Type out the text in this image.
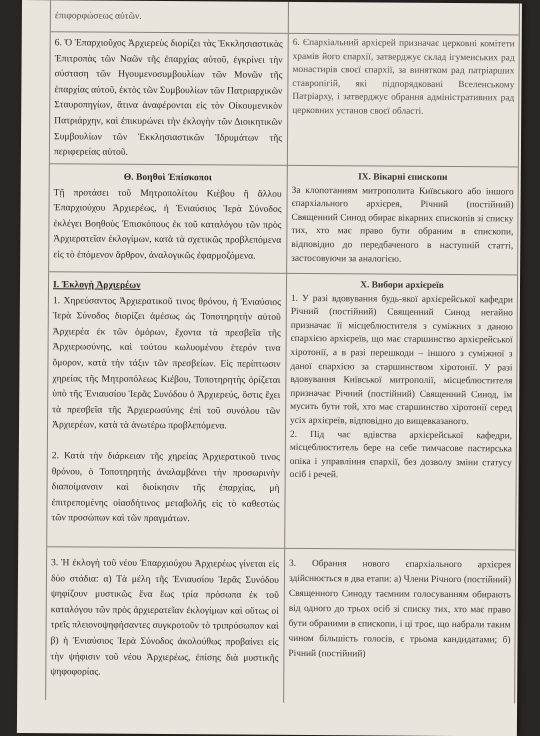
ἐπιφορφώσεως αὐτῶν.
6. Ὁ Ἐπαρχιοῦχος Ἀρχιερεὺς διορίζει τὰς Ἐκκλησιαστικὰς Ἐπιτροπὰς τῶν Ναῶν τῆς ἐπαρχίας αὐτοῦ, ἐγκρίνει τὴν σύσταση τῶν Ηγουμενοσυμβουλίων τῶν Μονῶν τῆς ἐπαρχίας αὐτοῦ, ἐκτὸς τῶν Συμβουλίων τῶν Πατριαρχικῶν Σταυροπηγίων, ἅτινα ἀναφέρονται εἰς τὸν Οἰκουμενικὸν Πατριάρχην, καὶ ἐπικυρώνει τὴν ἐκλογὴν τῶν Διοικητικῶν Συμβουλίων τῶν Ἐκκλησιαστικῶν Ἱδρυμάτων τῆς περιφερείας αὐτοῦ.
6. Єпархіальний архієрей призначає церковні комітети храмів його єпархії, затверджує склад ігуменських рад монастирів своєї єпархії, за винятком рад патріарших ставропігій, які підпорядковані Вселенському Патріарху, і затверджує обрання адміністративних рад церковних установ своєї області.
Θ. Βοηθοὶ Ἐπίσκοποι
Τῇ προτάσει τοῦ Μητροπολίτου Κιέβου ἢ ἄλλου Ἐπαρχιούχου Ἀρχιερέως, ἡ Ἐνιαύσιος Ἱερὰ Σύνοδος ἐκλέγει Βοηθοὺς Ἐπισκόπους ἐκ τοῦ καταλόγου τῶν πρὸς Ἀρχιερατεῖαν ἐκλογίμων, κατὰ τὰ σχετικῶς προβλεπόμενα εἰς τὸ ἑπόμενον ἄρθρον, ἀναλογικῶς ἐφαρμοζόμενα.
IX. Вікарні єпископи
За клопотанням митрополита Київського або іншого єпархіального архієрея, Річний (постійний) Священний Синод обирає вікарних єпископів зі списку тих, хто має право бути обраним в єпископи, відповідно до передбаченого в наступній статті, застосовуючи за аналогією.
Ι. Ἐκλογὴ Ἀρχιερέων
1. Χηρεύσαντος Ἀρχιερατικοῦ τινος θρόνου, ἡ Ἐνιαύσιος Ἱερὰ Σύνοδος διορίζει ἀμέσως ὡς Τοποτηρητὴν αὐτοῦ Ἀρχιερέα ἐκ τῶν ὁμόρων, ἔχοντα τὰ πρεσβεῖα τῆς Ἀρχιερωσύνης, καὶ τούτου κωλυομένου ἑτερόν τινα ὅμορον, κατὰ τὴν τάξιν τῶν πρεσβείων. Εἰς περίπτωσιν χηρείας τῆς Μητροπόλεως Κιέβου, Τοποτηρητὴς ὁρίζεται ὑπὸ τῆς Ἐνιαυσίου Ἱερᾶς Συνόδου ὁ Ἀρχιερεύς, ὅστις ἔχει τὰ πρεσβεῖα τῆς Ἀρχιερωσύνης ἐπὶ τοῦ συνόλου τῶν Ἀρχιερέων, κατὰ τὰ ἀνωτέρω προβλεπόμενα.
2. Κατὰ τὴν διάρκειαν τῆς χηρείας Ἀρχιερατικοῦ τινος θρόνου, ὁ Τοποτηρητὴς ἀναλαμβάνει τὴν προσωρινὴν διαποίμανσιν καὶ διοίκησιν τῆς ἐπαρχίας, μὴ ἐπιτρεπομένης οἱασδήτινος μεταβολῆς εἰς τὸ καθεστὼς τῶν προσώπων καὶ τῶν πραγμάτων.
X. Вибори архієреїв
1. У разі вдовування будь-якої архієрейської кафедри Річний (постійний) Священний Синод негайно призначає її місцеблюстителя з суміжних з даною єпархією архієреїв, що має старшинство архієрейської хіротонії, а в разі перешкоди – іншого з суміжної з даної єпархією за старшинством хіротонії. У разі вдовування Київської митрополії, місцеблюстителя призначає Річний (постійний) Священний Синод, їм мусить бути той, хто має старшинство хіротонії серед усіх архієреїв, відповідно до вищевказаного.
2. Під час вдівства архієрейської кафедри, місцеблюститель бере на себе тимчасове пастирська опіка і управління єпархії, без дозволу зміни статусу осіб і речей.
3. Ἡ ἐκλογὴ τοῦ νέου Ἐπαρχιούχου Ἀρχιερέως γίνεται εἰς δύο στάδια: α) Τὰ μέλη τῆς Ἐνιαυσίου Ἱερᾶς Συνόδου ψηφίζουν μυστικῶς ἕνα ἕως τρία πρόσωπα ἐκ τοῦ καταλόγου τῶν πρὸς ἀρχιερατεῖαν ἐκλογίμων καὶ οὕτως οἱ τρεῖς πλειονοψηφήσαντες συγκροτοῦν τὸ τριπρόσωπον καὶ β) ἡ Ἐνιαύσιος Ἱερὰ Σύνοδος ἀκολούθως προβαίνει εἰς τὴν ψήφισιν τοῦ νέου Ἀρχιερέως, ἐπίσης διὰ μυστικῆς ψηφοφορίας.
3. Обрання нового єпархіального архієрея здійснюється в два етапи: а) Члени Річного (постійний) Священного Синоду таємним голосуванням обирають від одного до трьох осіб зі списку тих, хто має право бути обраними в єпископи, і ці троє, що набрали таким чином більшість голосів, є трьома кандидатами; б) Річний (постійний)
